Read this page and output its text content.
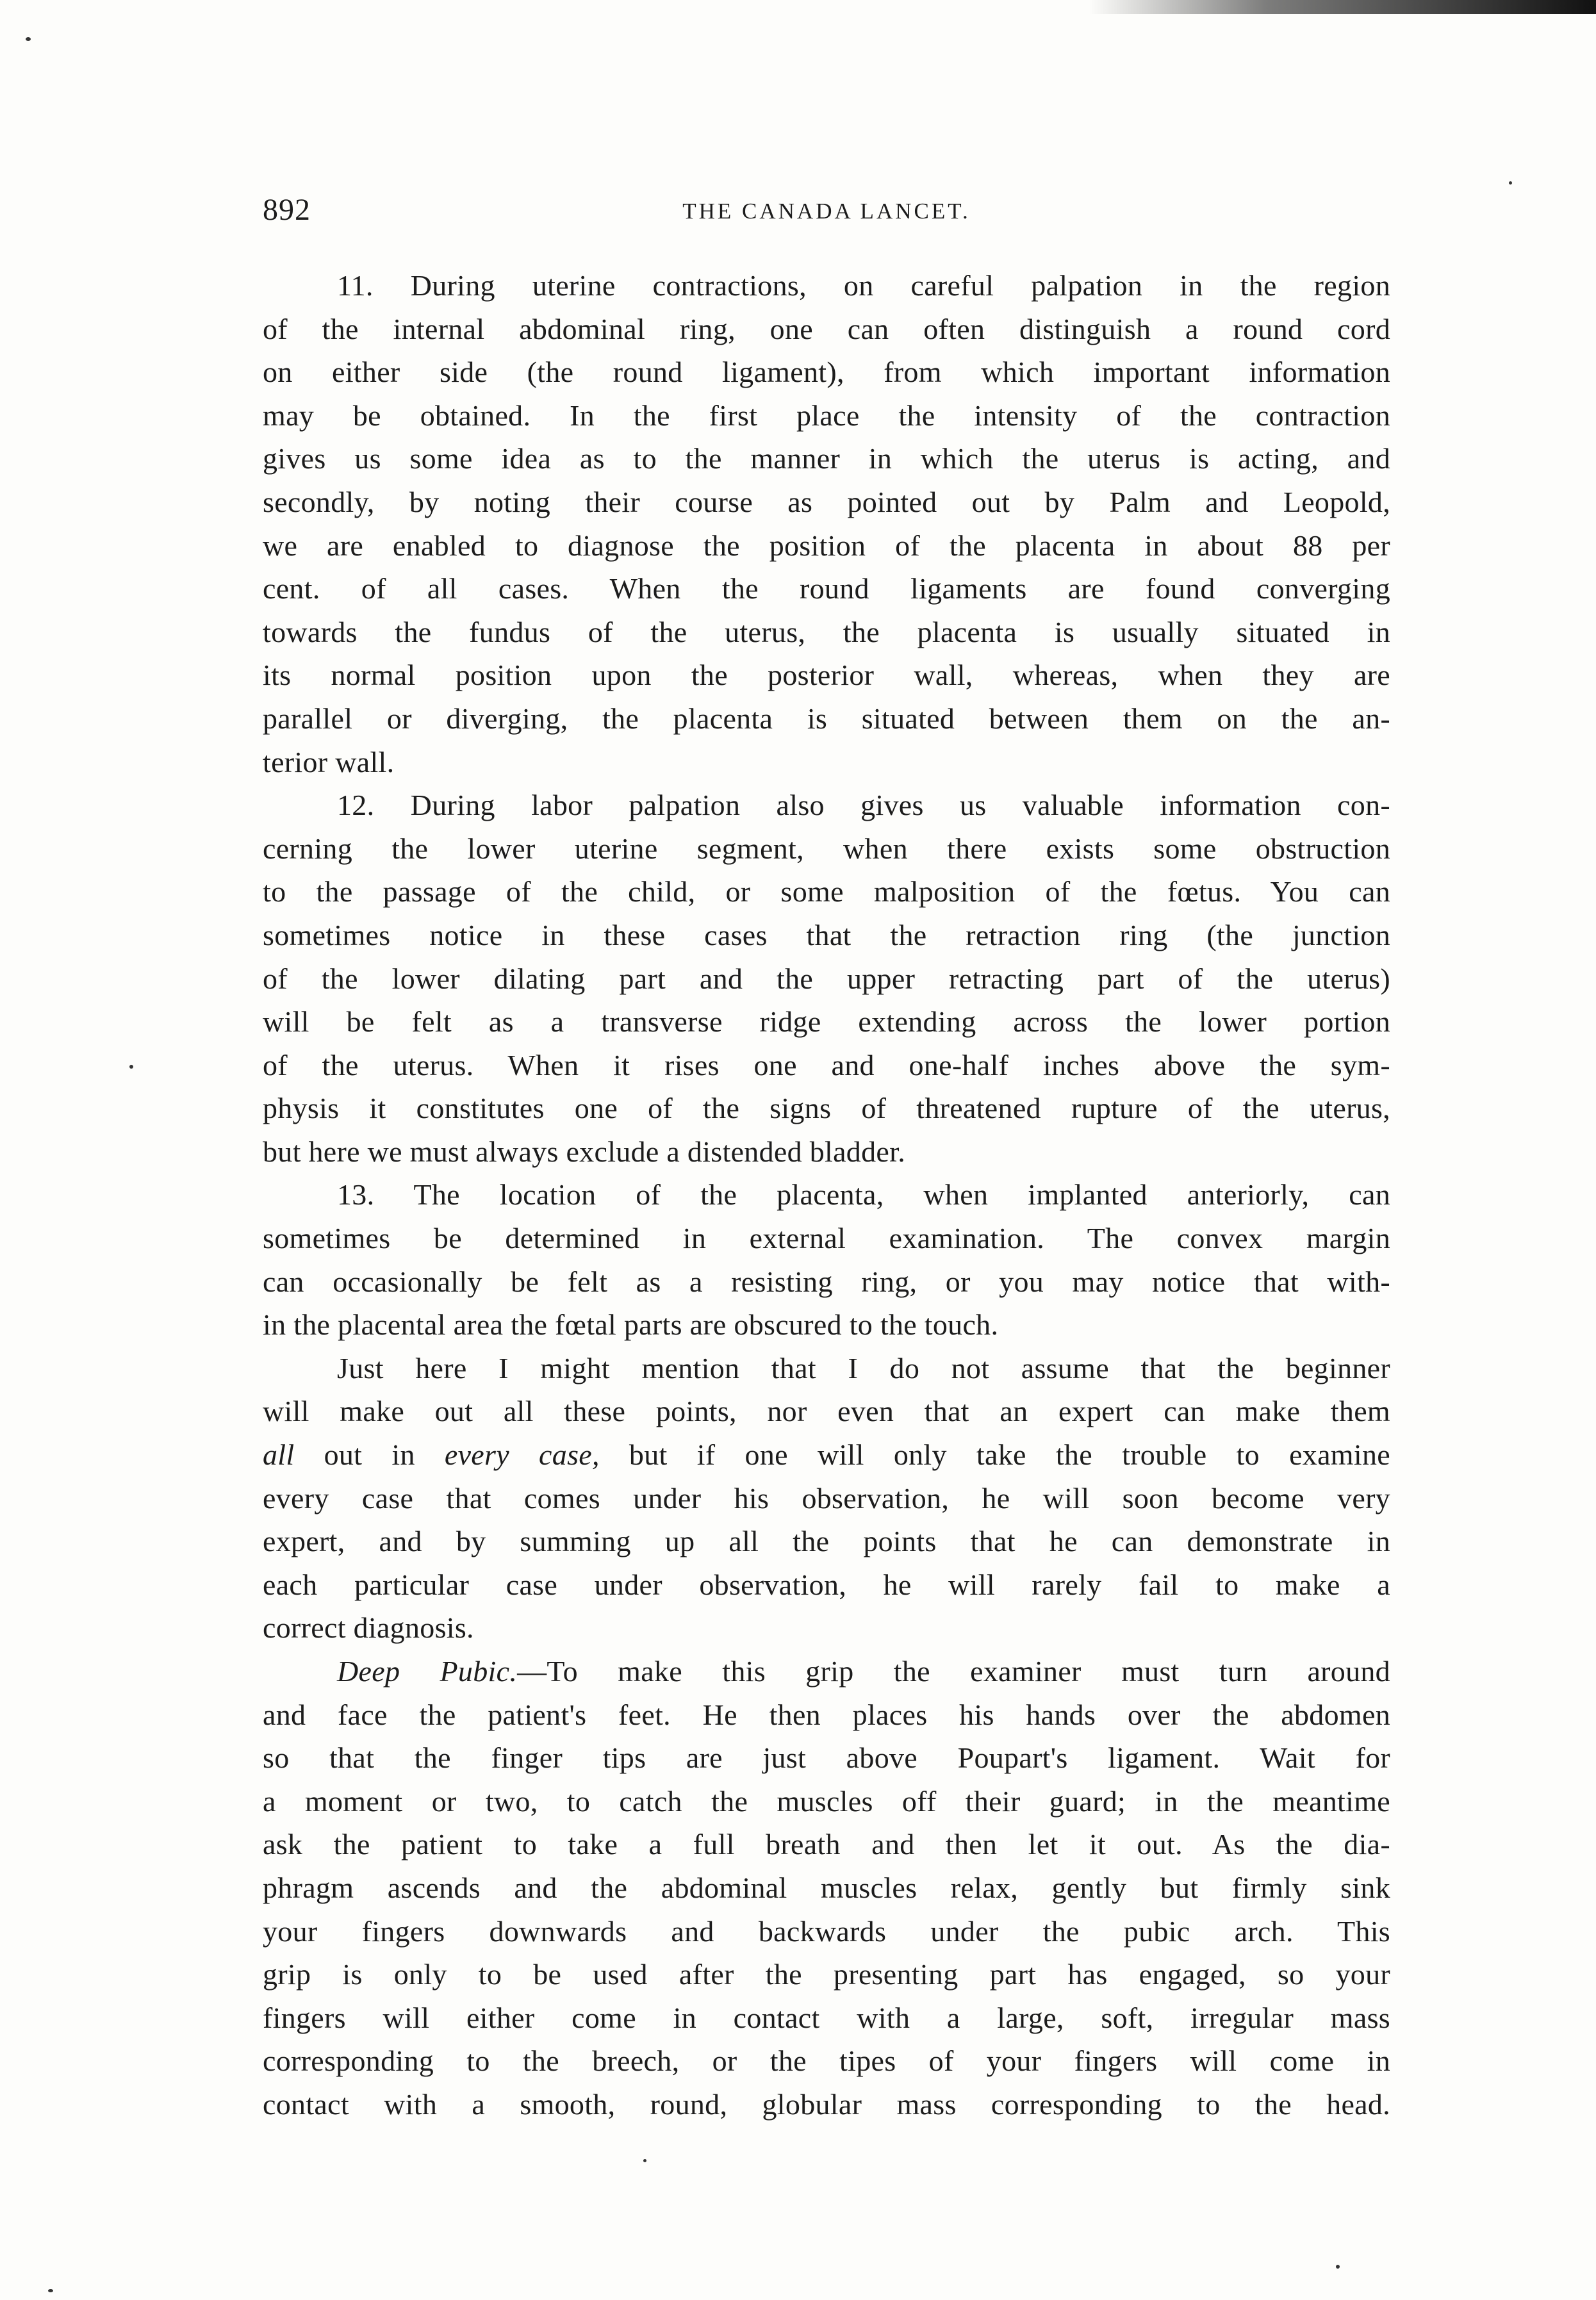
892	THE CANADA LANCET.
11. During uterine contractions, on careful palpation in the region
of the internal abdominal ring, one can often distinguish a round cord
on either side (the round ligament), from which important information
may be obtained. In the first place the intensity of the contraction
gives us some idea as to the manner in which the uterus is acting, and
secondly, by noting their course as pointed out by Palm and Leopold,
we are enabled to diagnose the position of the placenta in about 88 per
cent. of all cases. When the round ligaments are found converging
towards the fundus of the uterus, the placenta is usually situated in
its normal position upon the posterior wall, whereas, when they are
parallel or diverging, the placenta is situated between them on the an-
terior wall.
12. During labor palpation also gives us valuable information con-
cerning the lower uterine segment, when there exists some obstruction
to the passage of the child, or some malposition of the fœtus. You can
sometimes notice in these cases that the retraction ring (the junction
of the lower dilating part and the upper retracting part of the uterus)
will be felt as a transverse ridge extending across the lower portion
of the uterus. When it rises one and one-half inches above the sym-
physis it constitutes one of the signs of threatened rupture of the uterus,
but here we must always exclude a distended bladder.
13. The location of the placenta, when implanted anteriorly, can
sometimes be determined in external examination. The convex margin
can occasionally be felt as a resisting ring, or you may notice that with-
in the placental area the fœtal parts are obscured to the touch.
Just here I might mention that I do not assume that the beginner
will make out all these points, nor even that an expert can make them
all out in every case, but if one will only take the trouble to examine
every case that comes under his observation, he will soon become very
expert, and by summing up all the points that he can demonstrate in
each particular case under observation, he will rarely fail to make a
correct diagnosis.
Deep Pubic.—To make this grip the examiner must turn around
and face the patient's feet. He then places his hands over the abdomen
so that the finger tips are just above Poupart's ligament. Wait for
a moment or two, to catch the muscles off their guard; in the meantime
ask the patient to take a full breath and then let it out. As the dia-
phragm ascends and the abdominal muscles relax, gently but firmly sink
your fingers downwards and backwards under the pubic arch. This
grip is only to be used after the presenting part has engaged, so your
fingers will either come in contact with a large, soft, irregular mass
corresponding to the breech, or the tipes of your fingers will come in
contact with a smooth, round, globular mass corresponding to the head.
